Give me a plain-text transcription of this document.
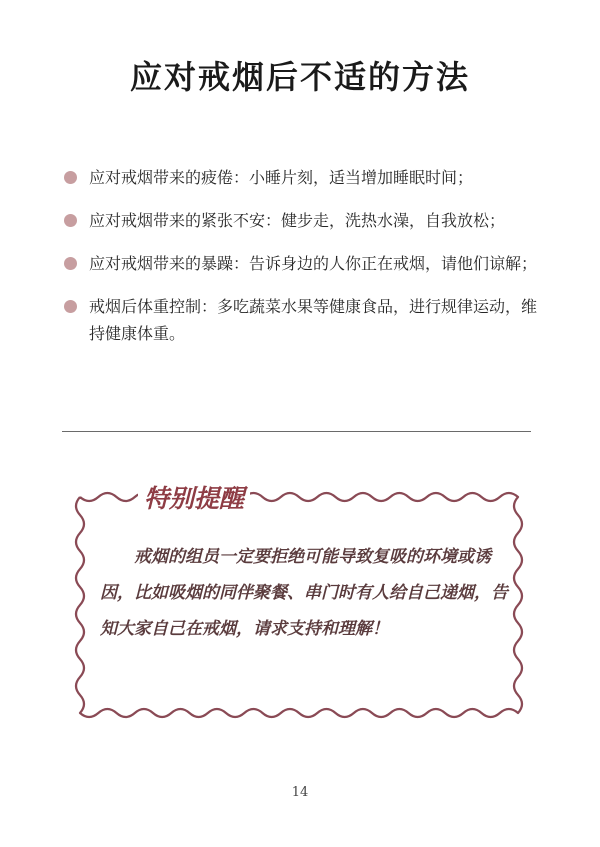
应对戒烟后不适的方法
应对戒烟带来的疲倦：小睡片刻，适当增加睡眠时间；
应对戒烟带来的紧张不安：健步走，洗热水澡，自我放松；
应对戒烟带来的暴躁：告诉身边的人你正在戒烟，请他们谅解；
戒烟后体重控制：多吃蔬菜水果等健康食品，进行规律运动，维持健康体重。
特别提醒

戒烟的组员一定要拒绝可能导致复吸的环境或诱因，比如吸烟的同伴聚餐、串门时有人给自己递烟，告知大家自己在戒烟，请求支持和理解！

14
